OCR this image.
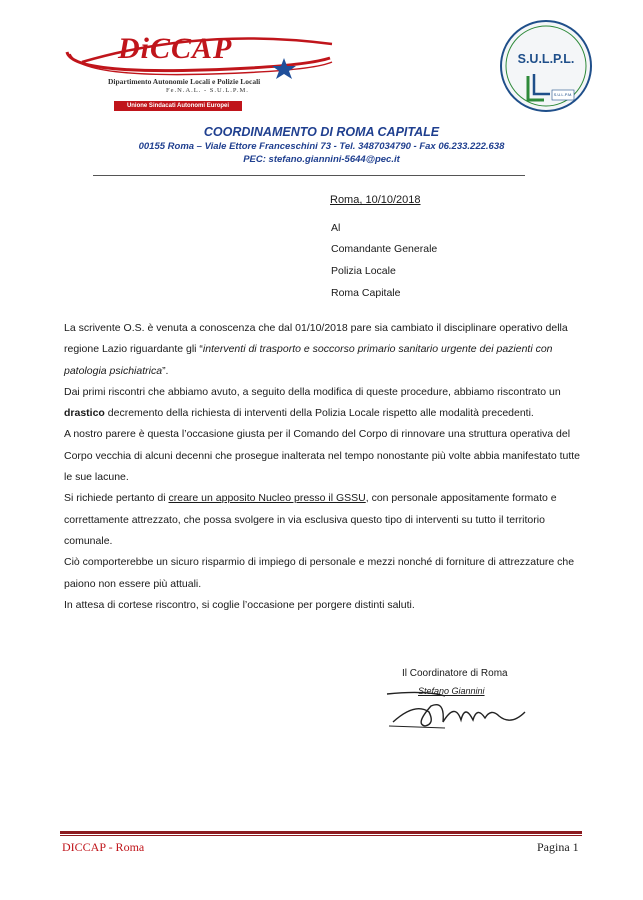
DiCCAP
Dipartimento Autonomie Locali e Polizie Locali
Fe.N.A.L. - S.U.L.P.M.
Unione Sindacati Autonomi Europei
S.U.L.P.L.
S.U.L.P.M.
COORDINAMENTO DI ROMA CAPITALE
00155 Roma – Viale Ettore Franceschini 73 - Tel. 3487034790 - Fax 06.233.222.638
PEC: stefano.giannini-5644@pec.it
Roma, 10/10/2018
Al
Comandante Generale
Polizia Locale
Roma Capitale

La scrivente O.S. è venuta a conoscenza che dal 01/10/2018 pare sia cambiato il disciplinare operativo della regione Lazio riguardante gli “interventi di trasporto e soccorso primario sanitario urgente dei pazienti con patologia psichiatrica”.

Dai primi riscontri che abbiamo avuto, a seguito della modifica di queste procedure, abbiamo riscontrato un drastico decremento della richiesta di interventi della Polizia Locale rispetto alle modalità precedenti.

A nostro parere è questa l’occasione giusta per il Comando del Corpo di rinnovare una struttura operativa del Corpo vecchia di alcuni decenni che prosegue inalterata nel tempo nonostante più volte abbia manifestato tutte le sue lacune.

Si richiede pertanto di creare un apposito Nucleo presso il GSSU, con personale appositamente formato e correttamente attrezzato, che possa svolgere in via esclusiva questo tipo di interventi su tutto il territorio comunale.

Ciò comporterebbe un sicuro risparmio di impiego di personale e mezzi nonché di forniture di attrezzature che paiono non essere più attuali.

In attesa di cortese riscontro, si coglie l’occasione per porgere distinti saluti.

Il Coordinatore di Roma
Stefano Giannini
DICCAP - Roma	Pagina 1
